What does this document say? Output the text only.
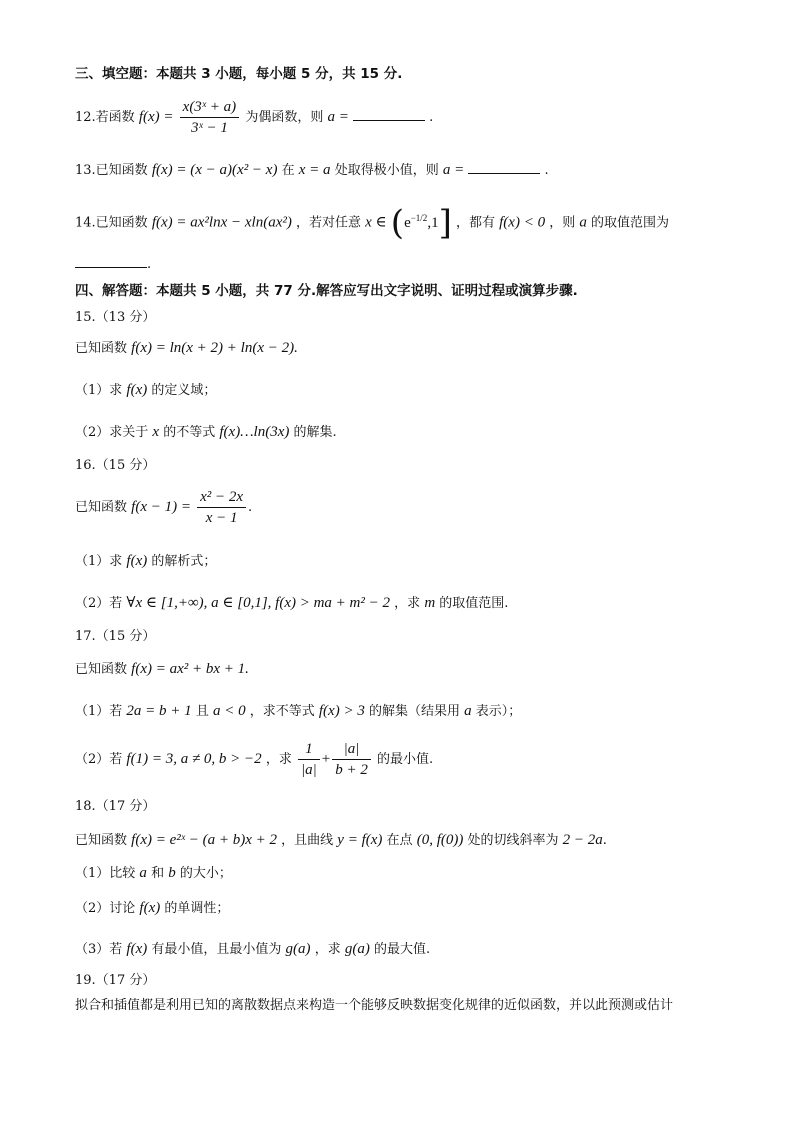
三、填空题：本题共 3 小题，每小题 5 分，共 15 分.
12.若函数 $f(x) = \frac{\text{x(3ˣ + a)}}{\text{3ˣ − 1}}$ 为偶函数，则 a =	.
13.已知函数 f(x) = (x − a)(x² − x) 在 x = a 处取得极小值，则 a =	.
14.已知函数 f(x) = ax²lnx − xln(ax²) ，若对任意 x ∈ $(e^{-1/2},1]$ ，都有 f(x) < 0 ，则 a 的取值范围为
.
四、解答题：本题共 5 小题，共 77 分.解答应写出文字说明、证明过程或演算步骤.
15.（13 分）
已知函数 f(x) = ln(x + 2) + ln(x − 2).
（1）求 f(x) 的定义域；
（2）求关于 x 的不等式 f(x)…ln(3x) 的解集.
16.（15 分）
已知函数 $f(x - 1) = \frac{\text{x² − 2x}}{x - 1}$ .
（1）求 f(x) 的解析式；
（2）若 ∀x ∈ [1,+∞), a ∈ [0,1], f(x) > ma + m² − 2 ，求 m 的取值范围.
17.（15 分）
已知函数 f(x) = ax² + bx + 1.
（1）若 2a = b + 1 且 a < 0 ，求不等式 f(x) > 3 的解集（结果用 a 表示）；
（2）若 f(1) = 3, a ≠ 0, b > −2 ，求 $\frac{1}{|a|} + \frac{|a|}{b + 2}$ 的最小值.
18.（17 分）
已知函数 f(x) = e²ˣ − (a + b)x + 2 ，且曲线 y = f(x) 在点 (0, f(0)) 处的切线斜率为 2 − 2a.
（1）比较 a 和 b 的大小；
（2）讨论 f(x) 的单调性；
（3）若 f(x) 有最小值，且最小值为 g(a) ，求 g(a) 的最大值.
19.（17 分）
拟合和插值都是利用已知的离散数据点来构造一个能够反映数据变化规律的近似函数，并以此预测或估计
